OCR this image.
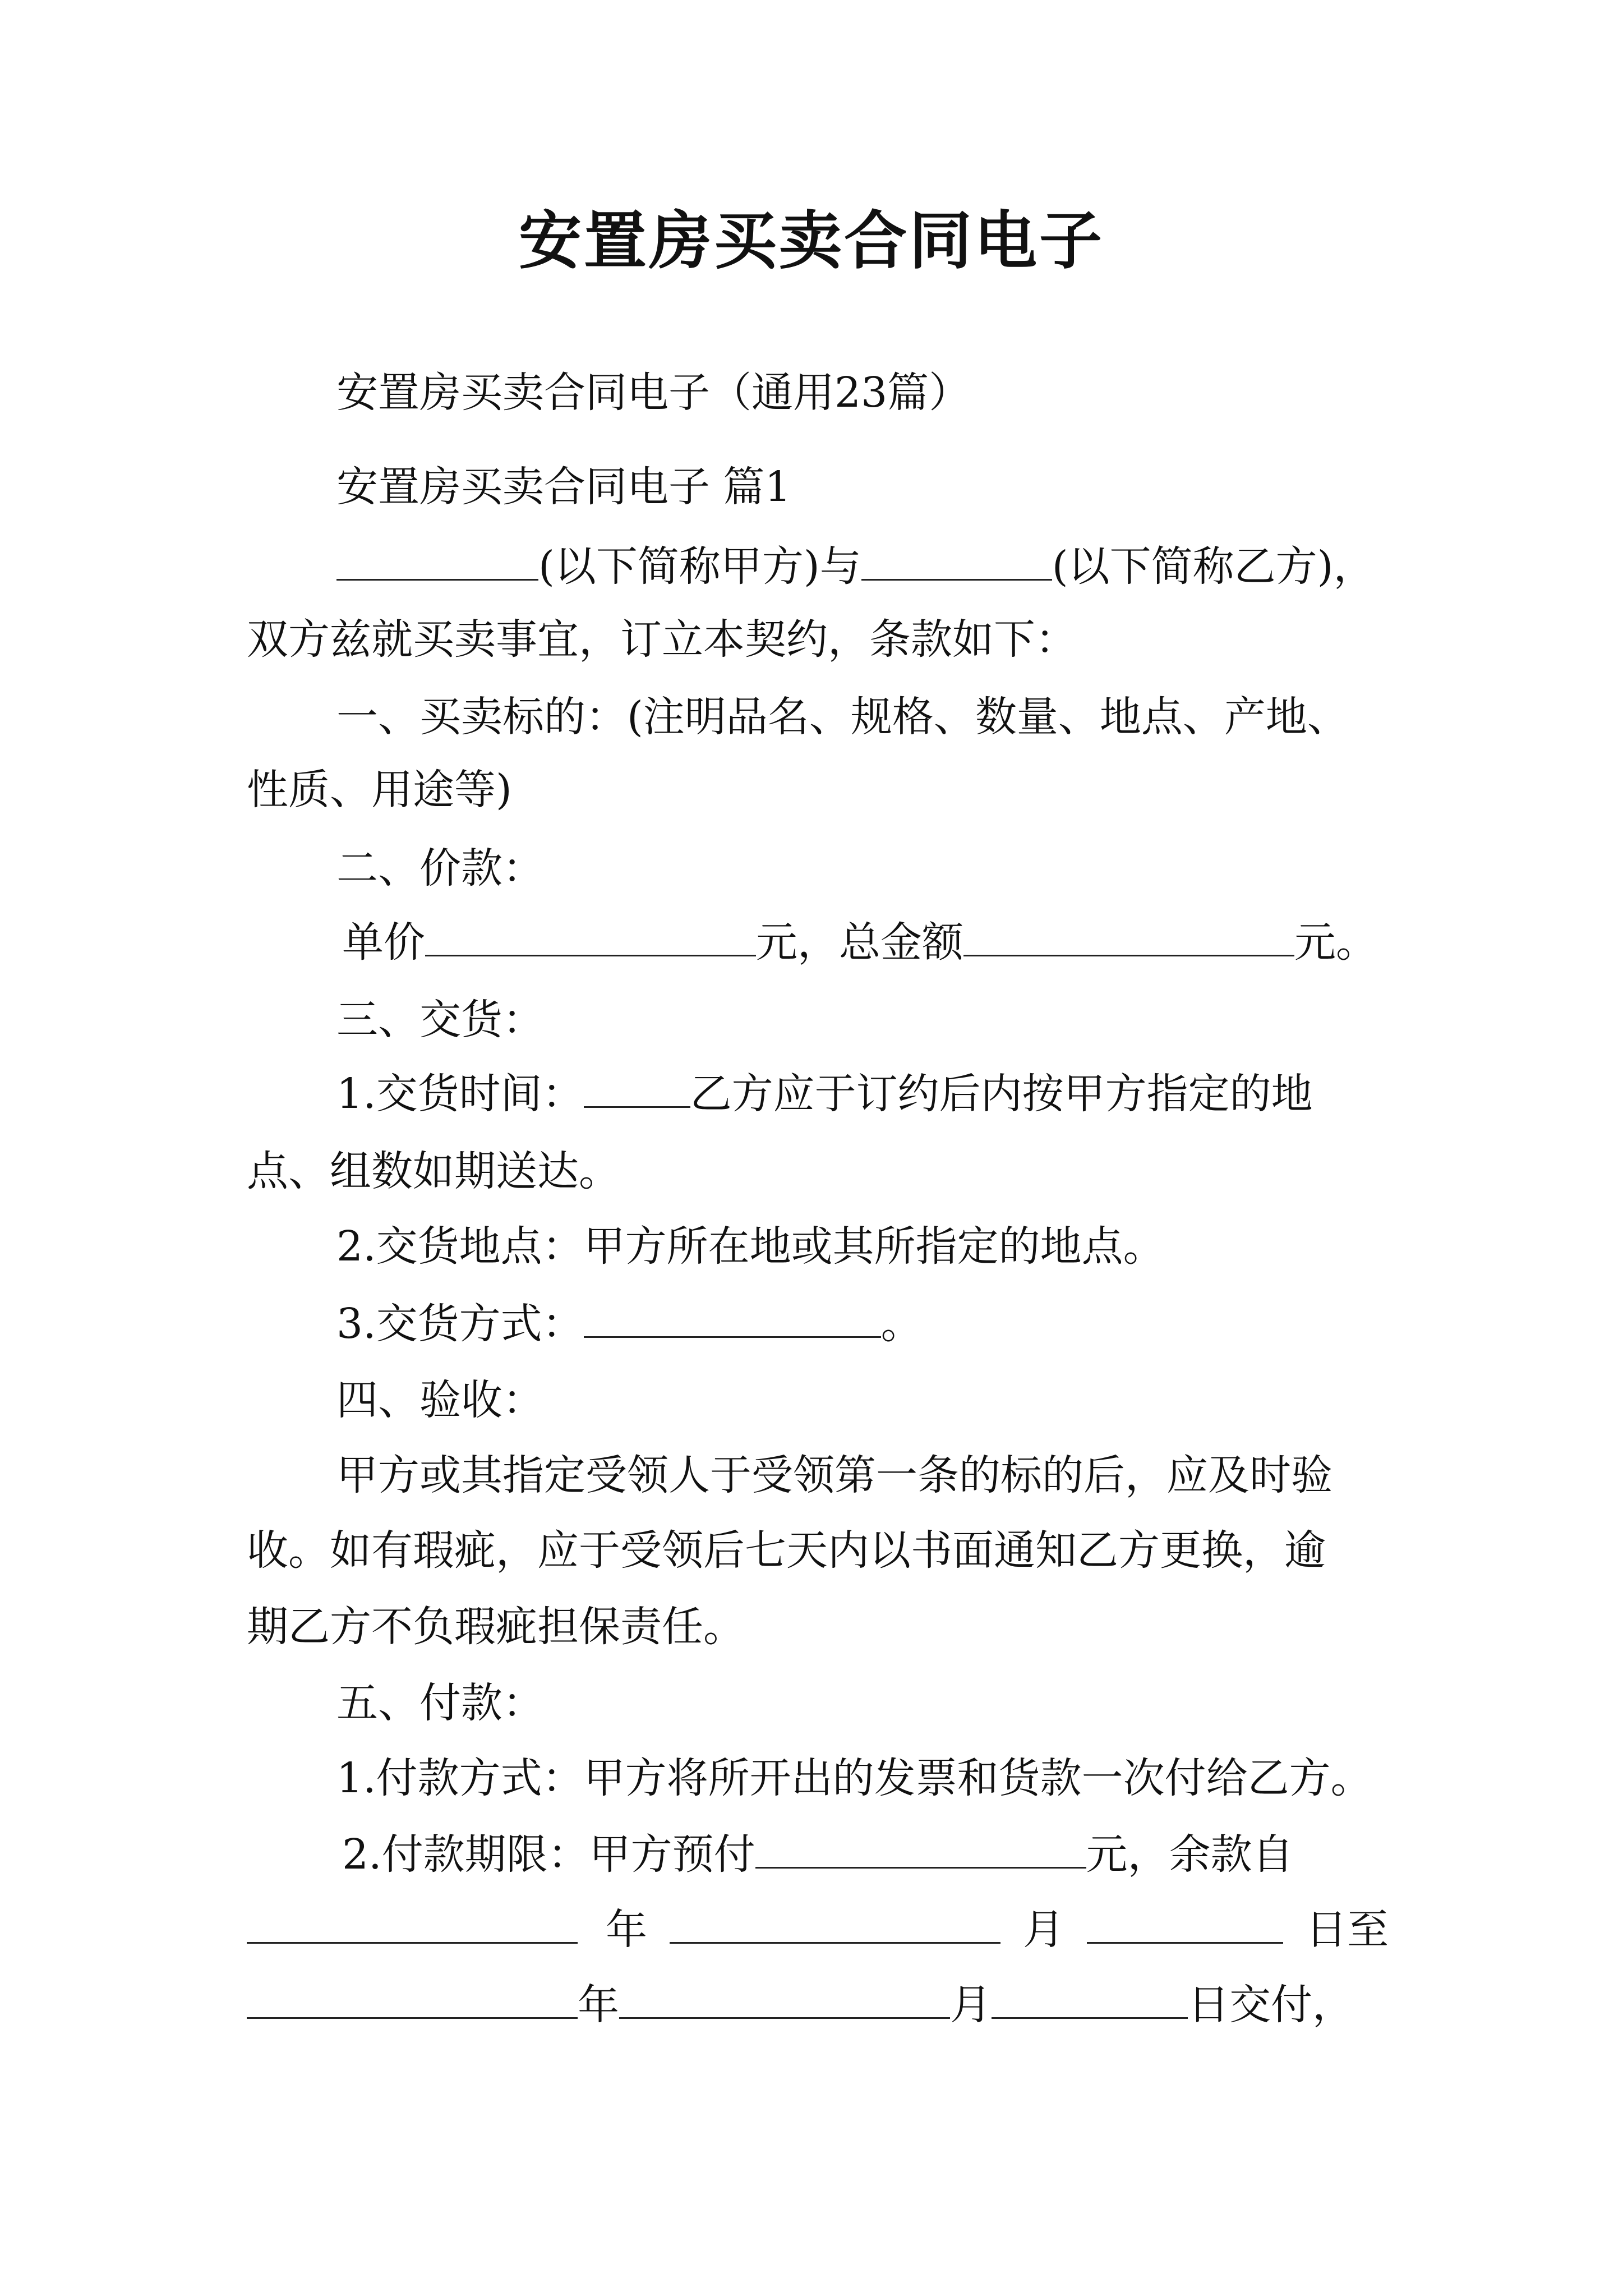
安置房买卖合同电子
安置房买卖合同电子（通用23篇）
安置房买卖合同电子 篇1
(以下简称甲方)与	(以下简称乙方)，
双方兹就买卖事宜，订立本契约，条款如下：
一、买卖标的：(注明品名、规格、数量、地点、产地、
性质、用途等)
二、价款：
单价	元，总金额	元。
三、交货：
1.交货时间：	乙方应于订约后内按甲方指定的地
点、组数如期送达。
2.交货地点：甲方所在地或其所指定的地点。
3.交货方式：	。
四、验收：
甲方或其指定受领人于受领第一条的标的后，应及时验
收。如有瑕疵，应于受领后七天内以书面通知乙方更换，逾
期乙方不负瑕疵担保责任。
五、付款：
1.付款方式：甲方将所开出的发票和货款一次付给乙方。
2.付款期限：甲方预付	元，余款自
年	月	日至
年	月	日交付，
